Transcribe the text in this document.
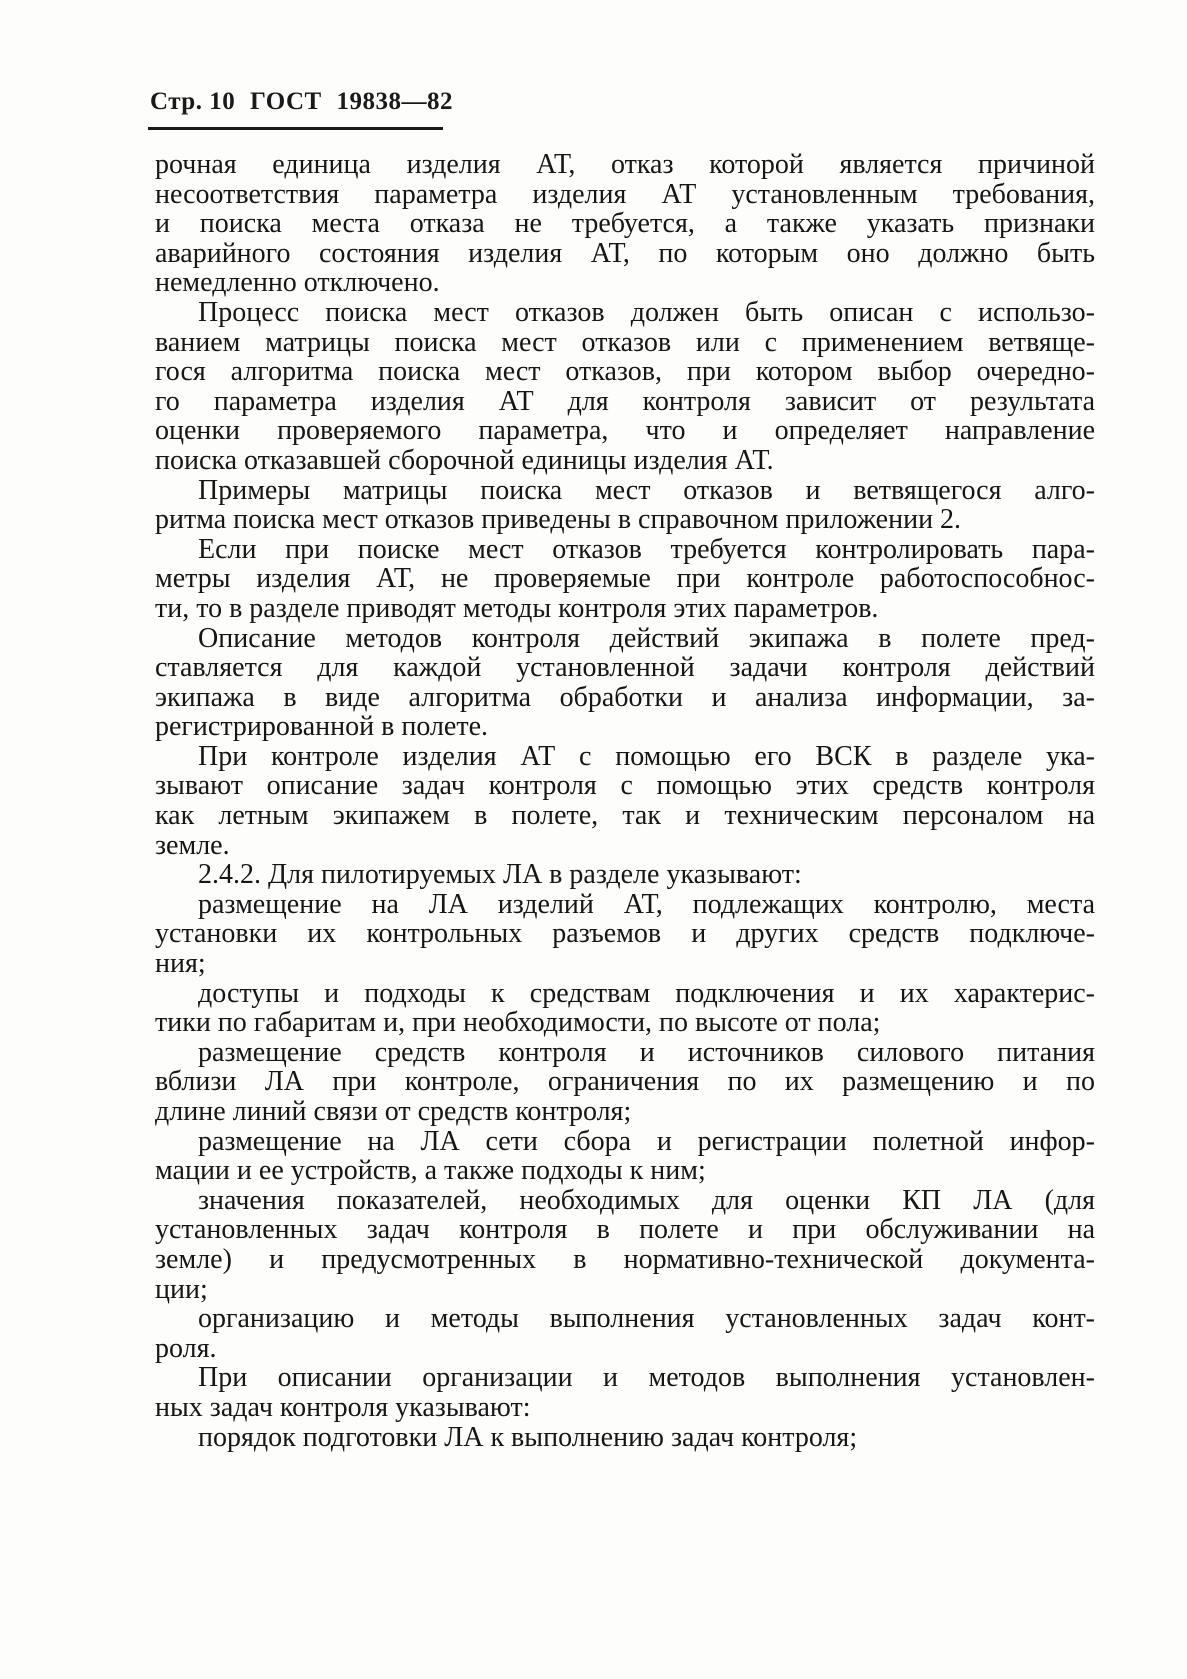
Стр. 10 ГОСТ 19838—82
рочная единица изделия АТ, отказ которой является причиной
несоответствия параметра изделия АТ установленным требования,
и поиска места отказа не требуется, а также указать признаки
аварийного состояния изделия АТ, по которым оно должно быть
немедленно отключено.
Процесс поиска мест отказов должен быть описан с использо-
ванием матрицы поиска мест отказов или с применением ветвяще-
гося алгоритма поиска мест отказов, при котором выбор очередно-
го параметра изделия АТ для контроля зависит от результата
оценки проверяемого параметра, что и определяет направление
поиска отказавшей сборочной единицы изделия АТ.
Примеры матрицы поиска мест отказов и ветвящегося алго-
ритма поиска мест отказов приведены в справочном приложении 2.
Если при поиске мест отказов требуется контролировать пара-
метры изделия АТ, не проверяемые при контроле работоспособнос-
ти, то в разделе приводят методы контроля этих параметров.
Описание методов контроля действий экипажа в полете пред-
ставляется для каждой установленной задачи контроля действий
экипажа в виде алгоритма обработки и анализа информации, за-
регистрированной в полете.
При контроле изделия АТ с помощью его ВСК в разделе ука-
зывают описание задач контроля с помощью этих средств контроля
как летным экипажем в полете, так и техническим персоналом на
земле.
2.4.2. Для пилотируемых ЛА в разделе указывают:
размещение на ЛА изделий АТ, подлежащих контролю, места
установки их контрольных разъемов и других средств подключе-
ния;
доступы и подходы к средствам подключения и их характерис-
тики по габаритам и, при необходимости, по высоте от пола;
размещение средств контроля и источников силового питания
вблизи ЛА при контроле, ограничения по их размещению и по
длине линий связи от средств контроля;
размещение на ЛА сети сбора и регистрации полетной инфор-
мации и ее устройств, а также подходы к ним;
значения показателей, необходимых для оценки КП ЛА (для
установленных задач контроля в полете и при обслуживании на
земле) и предусмотренных в нормативно-технической документа-
ции;
организацию и методы выполнения установленных задач конт-
роля.
При описании организации и методов выполнения установлен-
ных задач контроля указывают:
порядок подготовки ЛА к выполнению задач контроля;
